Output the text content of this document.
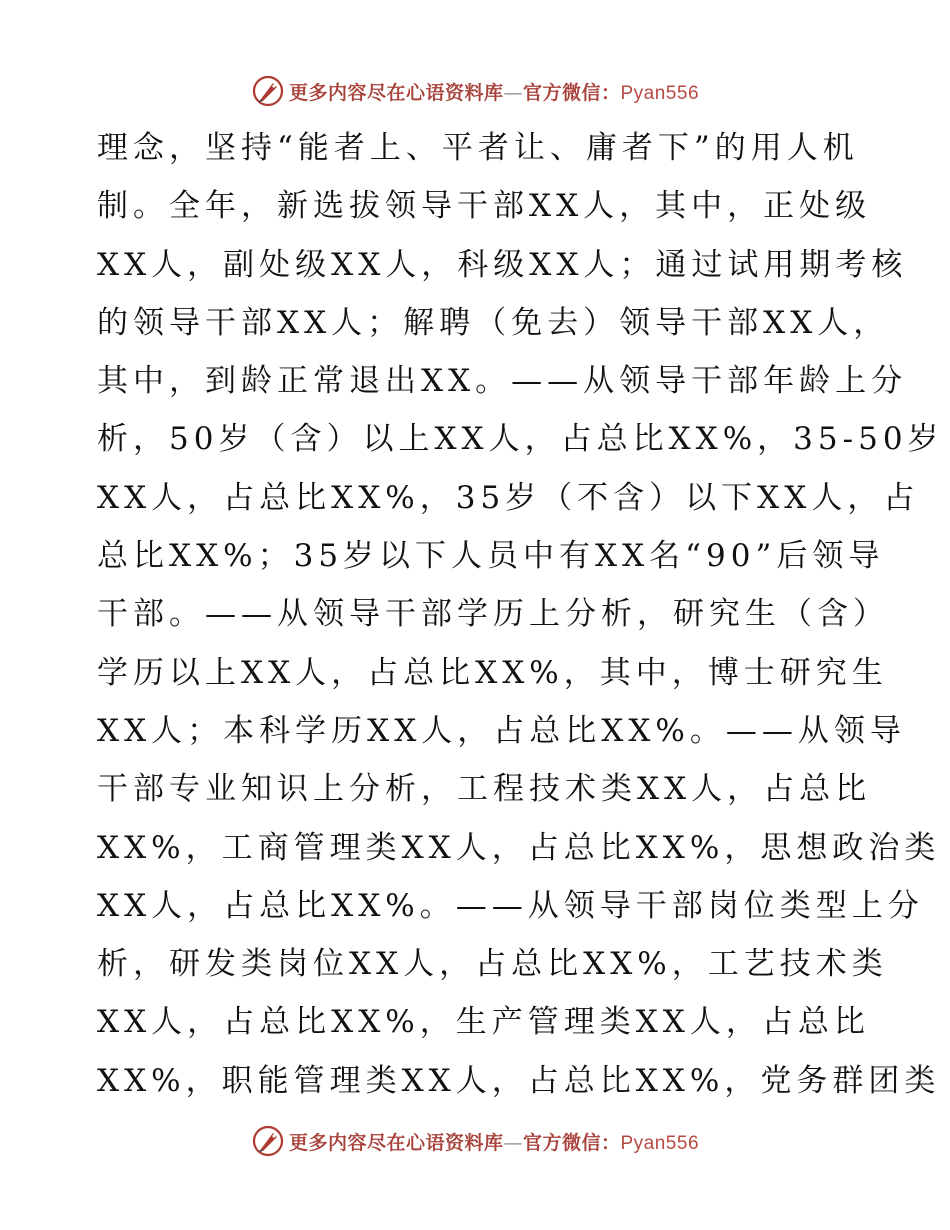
更多内容尽在心语资料库—官方微信：Pyan556
理念，坚持“能者上、平者让、庸者下”的用人机
制。全年，新选拔领导干部XX人，其中，正处级
XX人，副处级XX人，科级XX人；通过试用期考核
的领导干部XX人；解聘（免去）领导干部XX人，
其中，到龄正常退出XX。——从领导干部年龄上分
析，50岁（含）以上XX人，占总比XX%，35-50岁
XX人，占总比XX%，35岁（不含）以下XX人，占
总比XX%；35岁以下人员中有XX名“90”后领导
干部。——从领导干部学历上分析，研究生（含）
学历以上XX人，占总比XX%，其中，博士研究生
XX人；本科学历XX人，占总比XX%。——从领导
干部专业知识上分析，工程技术类XX人，占总比
XX%，工商管理类XX人，占总比XX%，思想政治类
XX人，占总比XX%。——从领导干部岗位类型上分
析，研发类岗位XX人，占总比XX%，工艺技术类
XX人，占总比XX%，生产管理类XX人，占总比
XX%，职能管理类XX人，占总比XX%，党务群团类
更多内容尽在心语资料库—官方微信：Pyan556
